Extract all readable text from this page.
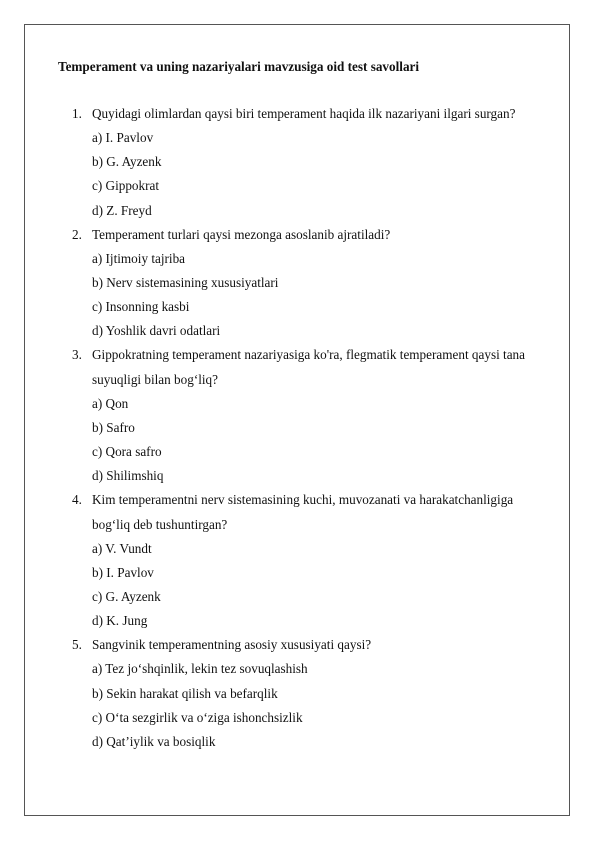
Temperament va uning nazariyalari mavzusiga oid test savollari
1. Quyidagi olimlardan qaysi biri temperament haqida ilk nazariyani ilgari surgan?
a) I. Pavlov
b) G. Ayzenk
c) Gippokrat
d) Z. Freyd
2. Temperament turlari qaysi mezonga asoslanib ajratiladi?
a) Ijtimoiy tajriba
b) Nerv sistemasining xususiyatlari
c) Insonning kasbi
d) Yoshlik davri odatlari
3. Gippokratning temperament nazariyasiga ko'ra, flegmatik temperament qaysi tana
suyuqligi bilan bog‘liq?
a) Qon
b) Safro
c) Qora safro
d) Shilimshiq
4. Kim temperamentni nerv sistemasining kuchi, muvozanati va harakatchanligiga
bog‘liq deb tushuntirgan?
a) V. Vundt
b) I. Pavlov
c) G. Ayzenk
d) K. Jung
5. Sangvinik temperamentning asosiy xususiyati qaysi?
a) Tez jo‘shqinlik, lekin tez sovuqlashish
b) Sekin harakat qilish va befarqlik
c) O‘ta sezgirlik va o‘ziga ishonchsizlik
d) Qat’iylik va bosiqlik
